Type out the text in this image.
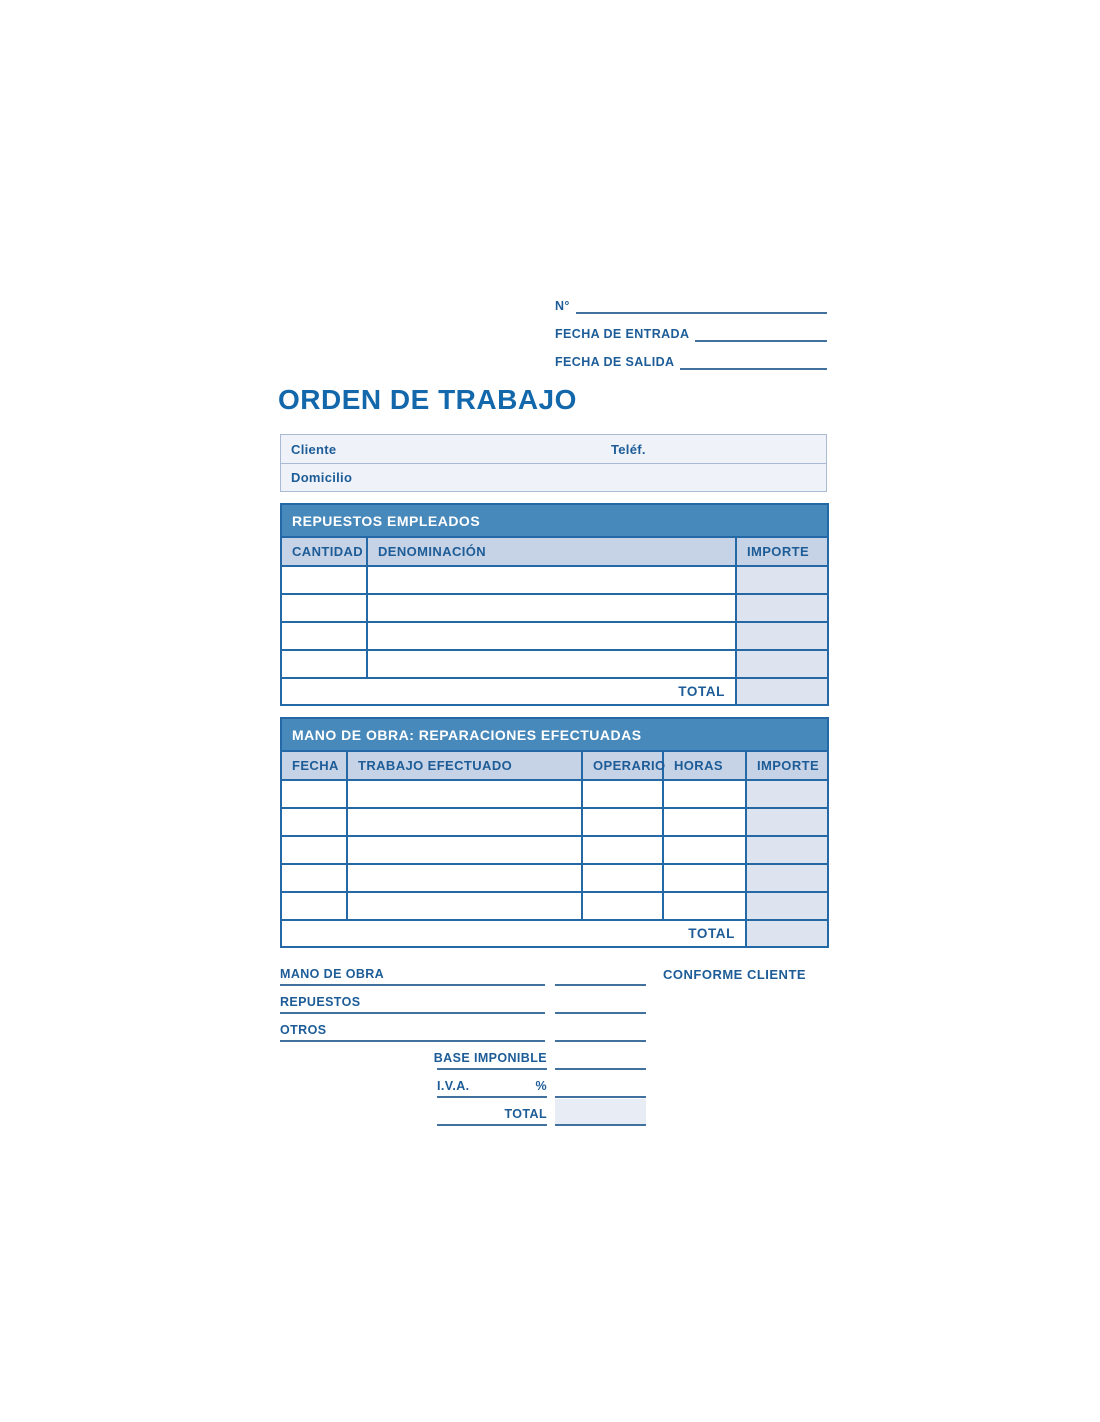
N°
FECHA DE ENTRADA
FECHA DE SALIDA
ORDEN DE TRABAJO
Cliente	Teléf.
Domicilio
REPUESTOS EMPLEADOS		
CANTIDAD	DENOMINACIÓN	IMPORTE

TOTAL		
MANO DE OBRA: REPARACIONES EFECTUADAS				
FECHA	TRABAJO EFECTUADO	OPERARIO	HORAS	IMPORTE

TOTAL				
MANO DE OBRA	CONFORME CLIENTE
REPUESTOS
OTROS
BASE IMPONIBLE
I.V.A.	%
TOTAL
